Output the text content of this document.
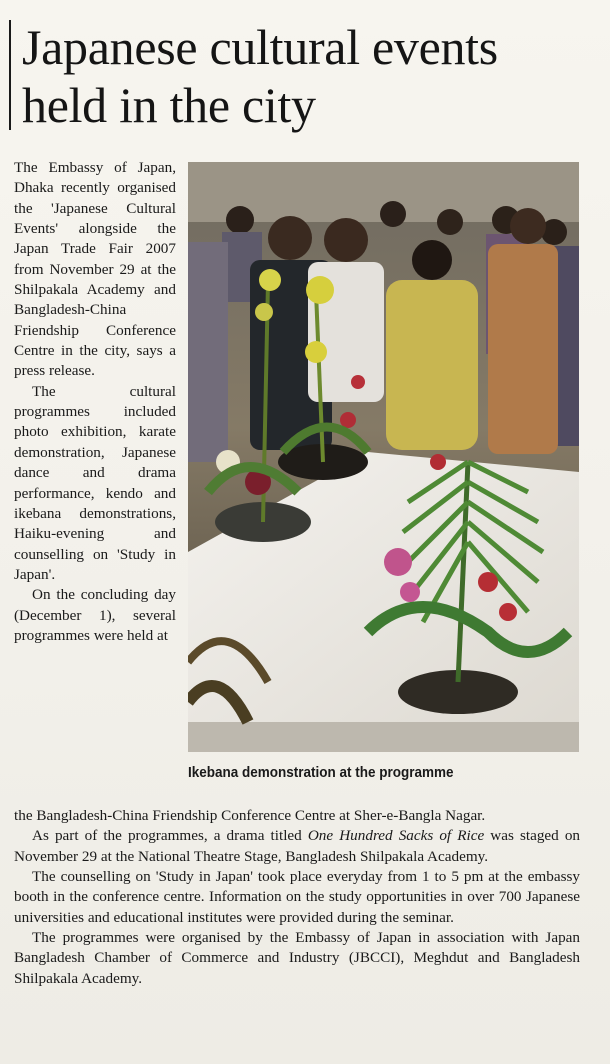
Japanese cultural events
held in the city

The Embassy of Japan, Dhaka recently organised the 'Japanese Cultural Events' alongside the Japan Trade Fair 2007 from November 29 at the Shilpakala Academy and Bangladesh-China Friendship Conference Centre in the city, says a press release.

The cultural programmes included photo exhibition, karate demonstration, Japanese dance and drama performance, kendo and ikebana demonstrations, Haiku-evening and counselling on 'Study in Japan'.

On the concluding day (December 1), several programmes were held at

Ikebana demonstration at the programme

the Bangladesh-China Friendship Conference Centre at Sher-e-Bangla Nagar.

As part of the programmes, a drama titled One Hundred Sacks of Rice was staged on November 29 at the National Theatre Stage, Bangladesh Shilpakala Academy.

The counselling on 'Study in Japan' took place everyday from 1 to 5 pm at the embassy booth in the conference centre. Information on the study opportunities in over 700 Japanese universities and educational institutes were provided during the seminar.

The programmes were organised by the Embassy of Japan in association with Japan Bangladesh Chamber of Commerce and Industry (JBCCI), Meghdut and Bangladesh Shilpakala Academy.
